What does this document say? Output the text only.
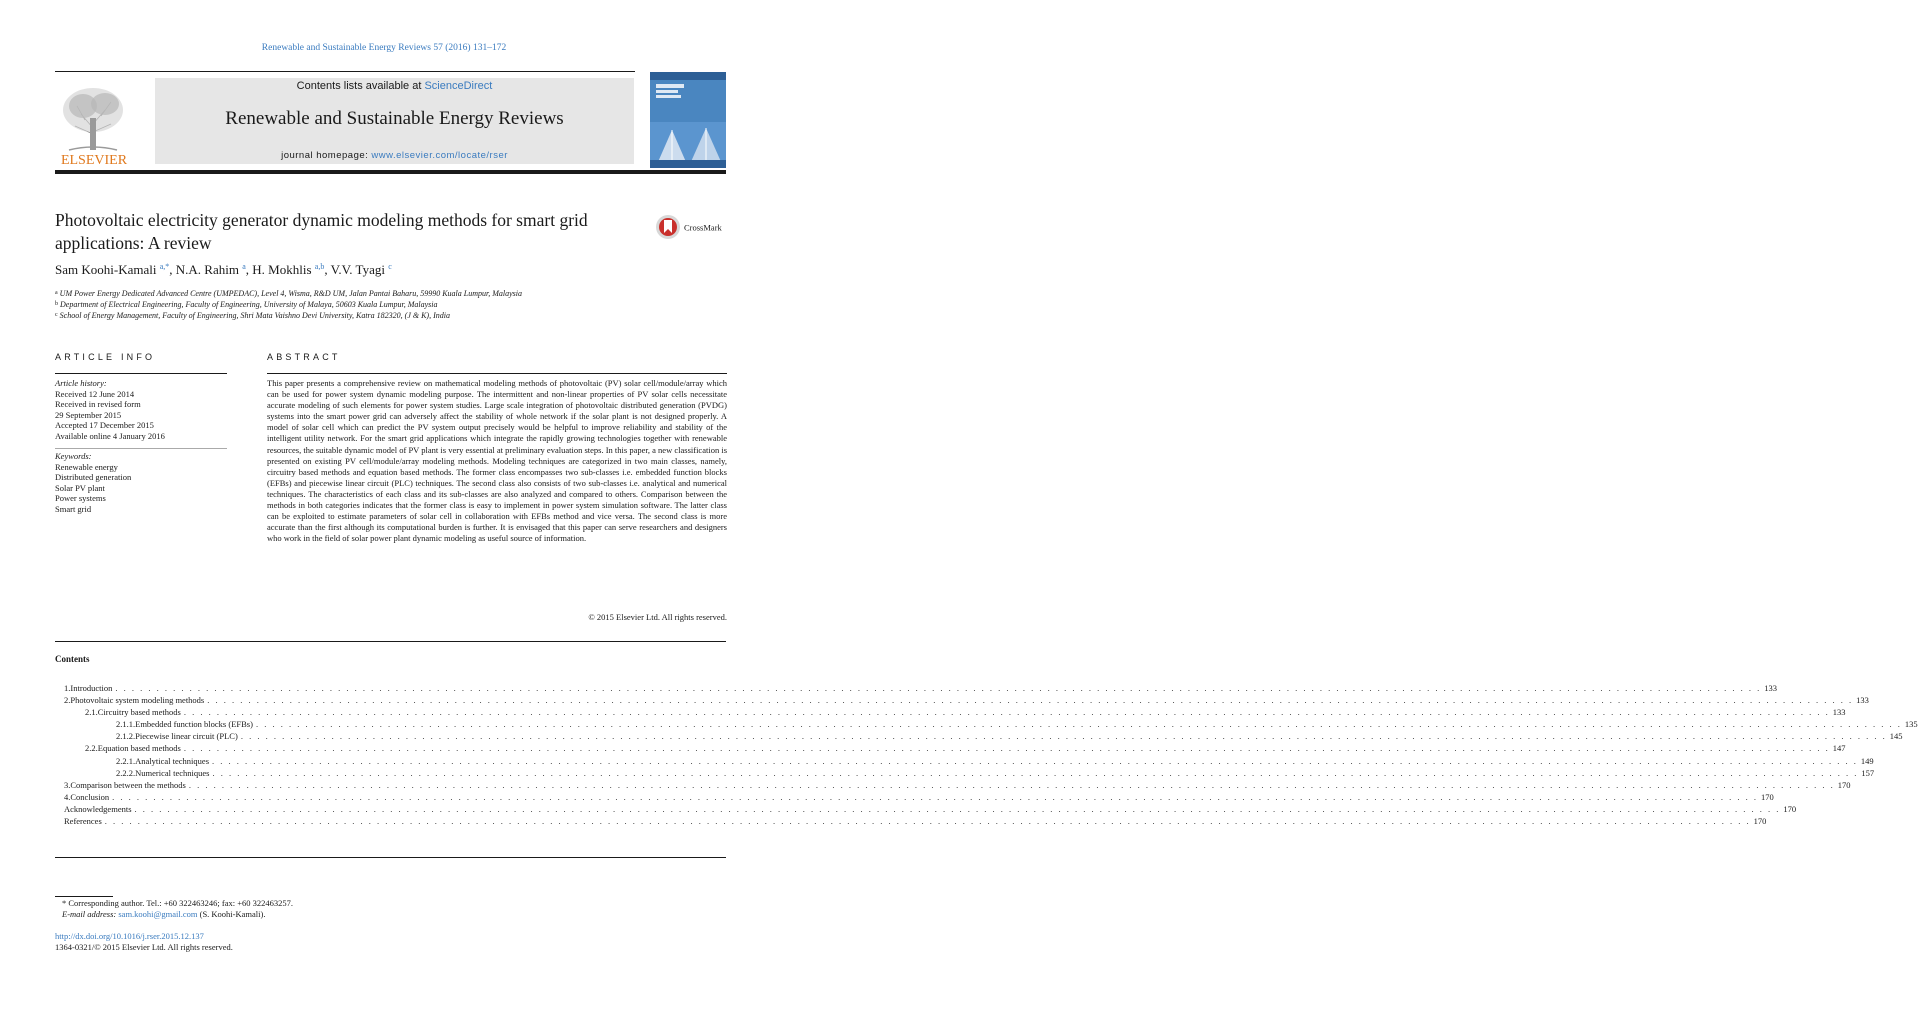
Renewable and Sustainable Energy Reviews 57 (2016) 131–172
ELSEVIER
Contents lists available at ScienceDirect
Renewable and Sustainable Energy Reviews
journal homepage: www.elsevier.com/locate/rser
Photovoltaic electricity generator dynamic modeling methods for smart grid applications: A review
CrossMark
Sam Koohi-Kamali $^{a,*}$, N.A. Rahim $^a$, H. Mokhlis $^{a,b}$, V.V. Tyagi $^c$
$^a$ UM Power Energy Dedicated Advanced Centre (UMPEDAC), Level 4, Wisma, R&D UM, Jalan Pantai Baharu, 59990 Kuala Lumpur, Malaysia
$^b$ Department of Electrical Engineering, Faculty of Engineering, University of Malaya, 50603 Kuala Lumpur, Malaysia
$^c$ School of Energy Management, Faculty of Engineering, Shri Mata Vaishno Devi University, Katra 182320, (J & K), India
ARTICLE INFO
Article history:
Received 12 June 2014
Received in revised form
29 September 2015
Accepted 17 December 2015
Available online 4 January 2016
Keywords:
Renewable energy
Distributed generation
Solar PV plant
Power systems
Smart grid
ABSTRACT
This paper presents a comprehensive review on mathematical modeling methods of photovoltaic (PV) solar cell/module/array which can be used for power system dynamic modeling purpose. The intermittent and non-linear properties of PV solar cells necessitate accurate modeling of such elements for power system studies. Large scale integration of photovoltaic distributed generation (PVDG) systems into the smart power grid can adversely affect the stability of whole network if the solar plant is not designed properly. A model of solar cell which can predict the PV system output precisely would be helpful to improve reliability and stability of the intelligent utility network. For the smart grid applications which integrate the rapidly growing technologies together with renewable resources, the suitable dynamic model of PV plant is very essential at preliminary evaluation steps. In this paper, a new classification is presented on existing PV cell/module/array modeling methods. Modeling techniques are categorized in two main classes, namely, circuitry based methods and equation based methods. The former class encompasses two sub-classes i.e. embedded function blocks (EFBs) and piecewise linear circuit (PLC) techniques. The second class also consists of two sub-classes i.e. analytical and numerical techniques. The characteristics of each class and its sub-classes are also analyzed and compared to others. Comparison between the methods in both categories indicates that the former class is easy to implement in power system simulation software. The latter class can be exploited to estimate parameters of solar cell in collaboration with EFBs method and vice versa. The second class is more accurate than the first although its computational burden is further. It is envisaged that this paper can serve researchers and designers who work in the field of solar power plant dynamic modeling as useful source of information.
© 2015 Elsevier Ltd. All rights reserved.
Contents
1. Introduction . . . . . . . . . . . . . . . . . . . . . . . . . . . . . . . . . . . . . . . . . . . . . . . . . . . . . . . . . . . . . . . . . . . . . . . . . . . . . . . . . . . . . . . . . . . . . . . . . . . . . . . . . . . . . . . . . . . . . . . . . . . . . . . . . . . . . . . . . . . . . . . . . . . . . . . . . . . . . . . . . . . . . . . . . . . . . . . . . . . . . . . . . . . . . . . . . . . . . . . . 133
2. Photovoltaic system modeling methods . . . . . . . . . . . . . . . . . . . . . . . . . . . . . . . . . . . . . . . . . . . . . . . . . . . . . . . . . . . . . . . . . . . . . . . . . . . . . . . . . . . . . . . . . . . . . . . . . . . . . . . . . . . . . . . . . . . . . . . . . . . . . . . . . . . . . . . . . . . . . . . . . . . . . . . . . . . . . . . . . . . . . . . . . . . . . . . . . . . . . . . . . . . . . . . . . . . . . . . . 133
2.1. Circuitry based methods . . . . . . . . . . . . . . . . . . . . . . . . . . . . . . . . . . . . . . . . . . . . . . . . . . . . . . . . . . . . . . . . . . . . . . . . . . . . . . . . . . . . . . . . . . . . . . . . . . . . . . . . . . . . . . . . . . . . . . . . . . . . . . . . . . . . . . . . . . . . . . . . . . . . . . . . . . . . . . . . . . . . . . . . . . . . . . . . . . . . . . . . . . . . . . . . . . . . . . . . 133
2.1.1. Embedded function blocks (EFBs) . . . . . . . . . . . . . . . . . . . . . . . . . . . . . . . . . . . . . . . . . . . . . . . . . . . . . . . . . . . . . . . . . . . . . . . . . . . . . . . . . . . . . . . . . . . . . . . . . . . . . . . . . . . . . . . . . . . . . . . . . . . . . . . . . . . . . . . . . . . . . . . . . . . . . . . . . . . . . . . . . . . . . . . . . . . . . . . . . . . . . . . . . . . . . . . . . . . . . . . . 135
2.1.2. Piecewise linear circuit (PLC) . . . . . . . . . . . . . . . . . . . . . . . . . . . . . . . . . . . . . . . . . . . . . . . . . . . . . . . . . . . . . . . . . . . . . . . . . . . . . . . . . . . . . . . . . . . . . . . . . . . . . . . . . . . . . . . . . . . . . . . . . . . . . . . . . . . . . . . . . . . . . . . . . . . . . . . . . . . . . . . . . . . . . . . . . . . . . . . . . . . . . . . . . . . . . . . . . . . . . . . . 145
2.2. Equation based methods . . . . . . . . . . . . . . . . . . . . . . . . . . . . . . . . . . . . . . . . . . . . . . . . . . . . . . . . . . . . . . . . . . . . . . . . . . . . . . . . . . . . . . . . . . . . . . . . . . . . . . . . . . . . . . . . . . . . . . . . . . . . . . . . . . . . . . . . . . . . . . . . . . . . . . . . . . . . . . . . . . . . . . . . . . . . . . . . . . . . . . . . . . . . . . . . . . . . . . . . 147
2.2.1. Analytical techniques . . . . . . . . . . . . . . . . . . . . . . . . . . . . . . . . . . . . . . . . . . . . . . . . . . . . . . . . . . . . . . . . . . . . . . . . . . . . . . . . . . . . . . . . . . . . . . . . . . . . . . . . . . . . . . . . . . . . . . . . . . . . . . . . . . . . . . . . . . . . . . . . . . . . . . . . . . . . . . . . . . . . . . . . . . . . . . . . . . . . . . . . . . . . . . . . . . . . . . . . 149
2.2.2. Numerical techniques . . . . . . . . . . . . . . . . . . . . . . . . . . . . . . . . . . . . . . . . . . . . . . . . . . . . . . . . . . . . . . . . . . . . . . . . . . . . . . . . . . . . . . . . . . . . . . . . . . . . . . . . . . . . . . . . . . . . . . . . . . . . . . . . . . . . . . . . . . . . . . . . . . . . . . . . . . . . . . . . . . . . . . . . . . . . . . . . . . . . . . . . . . . . . . . . . . . . . . . . 157
3. Comparison between the methods . . . . . . . . . . . . . . . . . . . . . . . . . . . . . . . . . . . . . . . . . . . . . . . . . . . . . . . . . . . . . . . . . . . . . . . . . . . . . . . . . . . . . . . . . . . . . . . . . . . . . . . . . . . . . . . . . . . . . . . . . . . . . . . . . . . . . . . . . . . . . . . . . . . . . . . . . . . . . . . . . . . . . . . . . . . . . . . . . . . . . . . . . . . . . . . . . . . . . . . . 170
4. Conclusion . . . . . . . . . . . . . . . . . . . . . . . . . . . . . . . . . . . . . . . . . . . . . . . . . . . . . . . . . . . . . . . . . . . . . . . . . . . . . . . . . . . . . . . . . . . . . . . . . . . . . . . . . . . . . . . . . . . . . . . . . . . . . . . . . . . . . . . . . . . . . . . . . . . . . . . . . . . . . . . . . . . . . . . . . . . . . . . . . . . . . . . . . . . . . . . . . . . . . . . . 170
Acknowledgements . . . . . . . . . . . . . . . . . . . . . . . . . . . . . . . . . . . . . . . . . . . . . . . . . . . . . . . . . . . . . . . . . . . . . . . . . . . . . . . . . . . . . . . . . . . . . . . . . . . . . . . . . . . . . . . . . . . . . . . . . . . . . . . . . . . . . . . . . . . . . . . . . . . . . . . . . . . . . . . . . . . . . . . . . . . . . . . . . . . . . . . . . . . . . . . . . . . . . . . . 170
References . . . . . . . . . . . . . . . . . . . . . . . . . . . . . . . . . . . . . . . . . . . . . . . . . . . . . . . . . . . . . . . . . . . . . . . . . . . . . . . . . . . . . . . . . . . . . . . . . . . . . . . . . . . . . . . . . . . . . . . . . . . . . . . . . . . . . . . . . . . . . . . . . . . . . . . . . . . . . . . . . . . . . . . . . . . . . . . . . . . . . . . . . . . . . . . . . . . . . . . . 170
* Corresponding author. Tel.: +60 322463246; fax: +60 322463257.
E-mail address: sam.koohi@gmail.com (S. Koohi-Kamali).
http://dx.doi.org/10.1016/j.rser.2015.12.137
1364-0321/© 2015 Elsevier Ltd. All rights reserved.
